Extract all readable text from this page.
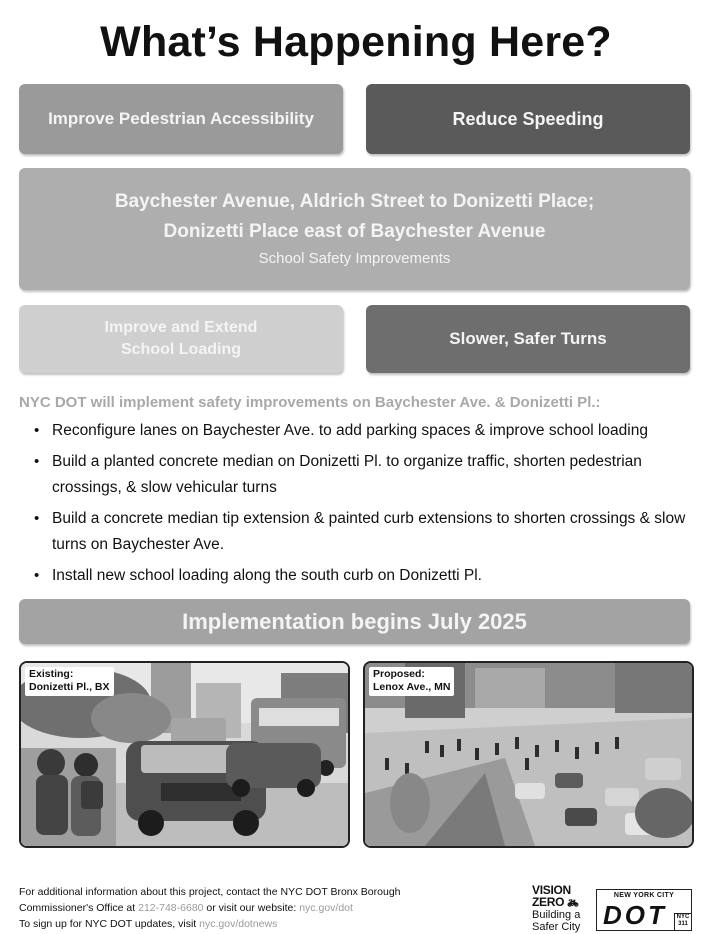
What’s Happening Here?
Improve Pedestrian Accessibility	Reduce Speeding
Baychester Avenue, Aldrich Street to Donizetti Place;
Donizetti Place east of Baychester Avenue
School Safety Improvements
Improve and Extend
School Loading
Slower, Safer Turns
NYC DOT will implement safety improvements on Baychester Ave. & Donizetti Pl.:
• Reconfigure lanes on Baychester Ave. to add parking spaces & improve school loading
• Build a planted concrete median on Donizetti Pl. to organize traffic, shorten pedestrian crossings, & slow vehicular turns
• Build a concrete median tip extension & painted curb extensions to shorten crossings & slow turns on Baychester Ave.
• Install new school loading along the south curb on Donizetti Pl.
Implementation begins July 2025
Existing:
Donizetti Pl., BX
Proposed:
Lenox Ave., MN
For additional information about this project, contact the NYC DOT Bronx Borough
Commissioner's Office at 212-748-6680 or visit our website: nyc.gov/dot
To sign up for NYC DOT updates, visit nyc.gov/dotnews
VISION
ZERO 🚲︎
Building a
Safer City
NEW YORK CITY
DOT NYC
311
